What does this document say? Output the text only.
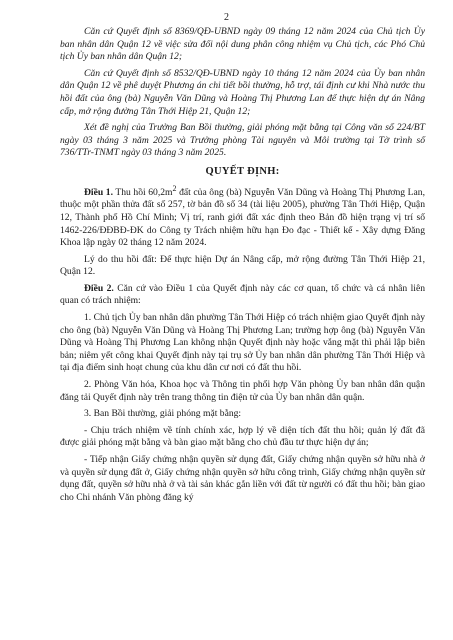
2

Căn cứ Quyết định số 8369/QĐ-UBND ngày 09 tháng 12 năm 2024 của Chủ tịch Ủy ban nhân dân Quận 12 về việc sửa đổi nội dung phân công nhiệm vụ Chủ tịch, các Phó Chủ tịch Ủy ban nhân dân Quận 12;

Căn cứ Quyết định số 8532/QĐ-UBND ngày 10 tháng 12 năm 2024 của Ủy ban nhân dân Quận 12 về phê duyệt Phương án chi tiết bồi thường, hỗ trợ, tái định cư khi Nhà nước thu hồi đất của ông (bà) Nguyễn Văn Dũng và Hoàng Thị Phương Lan để thực hiện dự án Nâng cấp, mở rộng đường Tân Thới Hiệp 21, Quận 12;

Xét đề nghị của Trưởng Ban Bồi thường, giải phóng mặt bằng tại Công văn số 224/BT ngày 03 tháng 3 năm 2025 và Trưởng phòng Tài nguyên và Môi trường tại Tờ trình số 736/TTr-TNMT ngày 03 tháng 3 năm 2025.

QUYẾT ĐỊNH:

Điều 1. Thu hồi $60,2m^2$ đất của ông (bà) Nguyễn Văn Dũng và Hoàng Thị Phương Lan, thuộc một phần thửa đất số 257, tờ bản đồ số 34 (tài liệu 2005), phường Tân Thới Hiệp, Quận 12, Thành phố Hồ Chí Minh; Vị trí, ranh giới đất xác định theo Bản đồ hiện trạng vị trí số 1462-226/ĐĐBĐ-ĐK do Công ty Trách nhiệm hữu hạn Đo đạc - Thiết kế - Xây dựng Đăng Khoa lập ngày 02 tháng 12 năm 2024.

Lý do thu hồi đất: Để thực hiện Dự án Nâng cấp, mở rộng đường Tân Thới Hiệp 21, Quận 12.

Điều 2. Căn cứ vào Điều 1 của Quyết định này các cơ quan, tổ chức và cá nhân liên quan có trách nhiệm:

1. Chủ tịch Ủy ban nhân dân phường Tân Thới Hiệp có trách nhiệm giao Quyết định này cho ông (bà) Nguyễn Văn Dũng và Hoàng Thị Phương Lan; trường hợp ông (bà) Nguyễn Văn Dũng và Hoàng Thị Phương Lan không nhận Quyết định này hoặc vắng mặt thì phải lập biên bản; niêm yết công khai Quyết định này tại trụ sở Ủy ban nhân dân phường Tân Thới Hiệp và tại địa điểm sinh hoạt chung của khu dân cư nơi có đất thu hồi.

2. Phòng Văn hóa, Khoa học và Thông tin phối hợp Văn phòng Ủy ban nhân dân quận đăng tải Quyết định này trên trang thông tin điện tử của Ủy ban nhân dân quận.

3. Ban Bồi thường, giải phóng mặt bằng:

- Chịu trách nhiệm về tính chính xác, hợp lý về diện tích đất thu hồi; quản lý đất đã được giải phóng mặt bằng và bàn giao mặt bằng cho chủ đầu tư thực hiện dự án;

- Tiếp nhận Giấy chứng nhận quyền sử dụng đất, Giấy chứng nhận quyền sở hữu nhà ở và quyền sử dụng đất ở, Giấy chứng nhận quyền sở hữu công trình, Giấy chứng nhận quyền sử dụng đất, quyền sở hữu nhà ở và tài sản khác gắn liền với đất từ người có đất thu hồi; bàn giao cho Chi nhánh Văn phòng đăng ký
